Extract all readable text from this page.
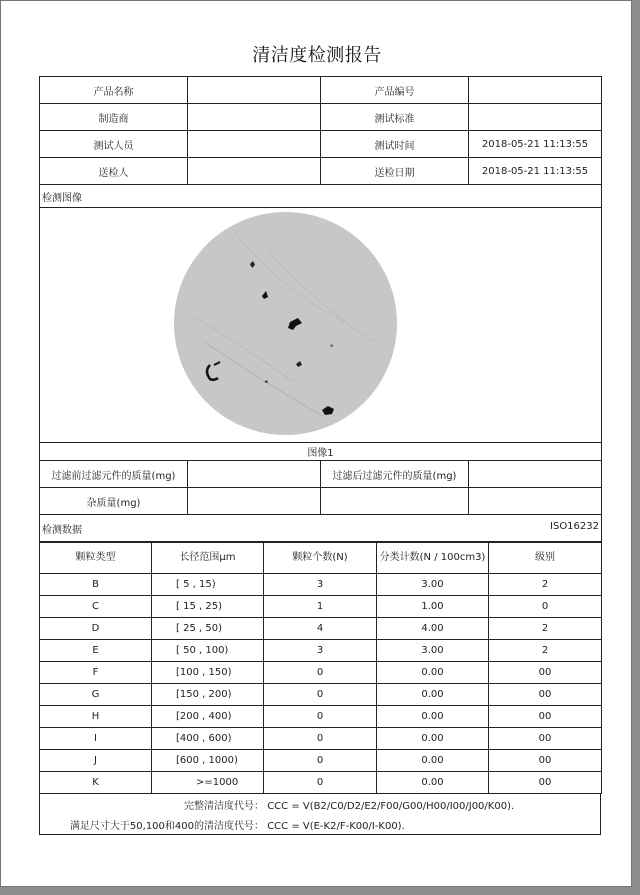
清洁度检测报告
产品名称		产品编号	
制造商		测试标准	
测试人员		测试时间	2018-05-21 11:13:55
送检人		送检日期	2018-05-21 11:13:55
检测图像			

图像1			
过滤前过滤元件的质量(mg)		过滤后过滤元件的质量(mg)	
杂质量(mg)			
检测数据 ISO16232			
颗粒类型	长径范围μm	颗粒个数(N)	分类计数(N / 100cm3)	级别
B	[ 5 , 15)	3	3.00	2
C	[ 15 , 25)	1	1.00	0
D	[ 25 , 50)	4	4.00	2
E	[ 50 , 100)	3	3.00	2
F	[100 , 150)	0	0.00	00
G	[150 , 200)	0	0.00	00
H	[200 , 400)	0	0.00	00
I	[400 , 600)	0	0.00	00
J	[600 , 1000)	0	0.00	00
K	>=1000	0	0.00	00
完整清洁度代号： CCC = V(B2/C0/D2/E2/F00/G00/H00/I00/J00/K00).
满足尺寸大于50,100和400的清洁度代号： CCC = V(E-K2/F-K00/I-K00).
